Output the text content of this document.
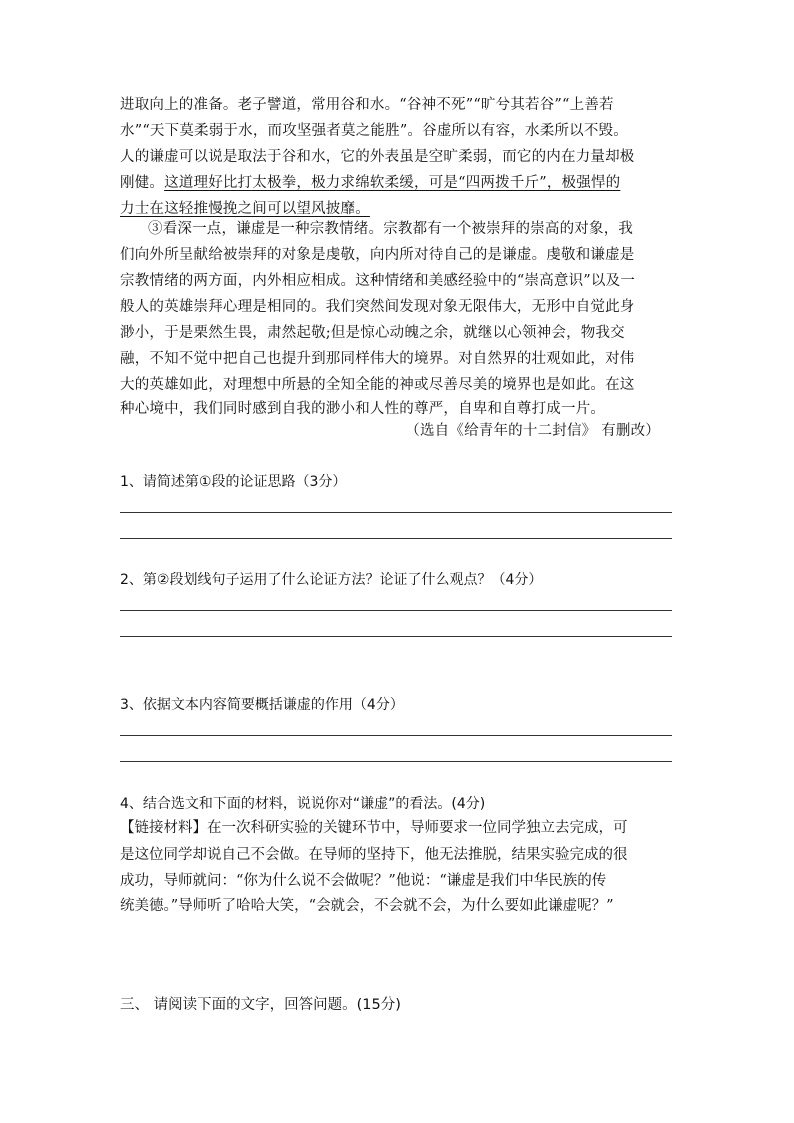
进取向上的准备。老子譬道，常用谷和水。“谷神不死”“旷兮其若谷”“上善若
水”“天下莫柔弱于水，而攻坚强者莫之能胜”。谷虚所以有容，水柔所以不毁。
人的谦虚可以说是取法于谷和水，它的外表虽是空旷柔弱，而它的内在力量却极
刚健。这道理好比打太极拳，极力求绵软柔缓，可是“四两拨千斤”，极强悍的
力士在这轻推慢挽之间可以望风披靡。
③看深一点，谦虚是一种宗教情绪。宗教都有一个被崇拜的崇高的对象，我
们向外所呈献给被崇拜的对象是虔敬，向内所对待自己的是谦虚。虔敬和谦虚是
宗教情绪的两方面，内外相应相成。这种情绪和美感经验中的“崇高意识”以及一
般人的英雄崇拜心理是相同的。我们突然间发现对象无限伟大，无形中自觉此身
渺小，于是栗然生畏，肃然起敬;但是惊心动魄之余，就继以心领神会，物我交
融，不知不觉中把自己也提升到那同样伟大的境界。对自然界的壮观如此，对伟
大的英雄如此，对理想中所悬的全知全能的神或尽善尽美的境界也是如此。在这
种心境中，我们同时感到自我的渺小和人性的尊严，自卑和自尊打成一片。
（选自《给青年的十二封信》 有删改）
1、请简述第①段的论证思路（3分）
2、第②段划线句子运用了什么论证方法？论证了什么观点？（4分）
3、依据文本内容简要概括谦虚的作用（4分）
4、结合选文和下面的材料，说说你对“谦虚”的看法。(4分)
【链接材料】在一次科研实验的关键环节中，导师要求一位同学独立去完成，可
是这位同学却说自己不会做。在导师的坚持下，他无法推脱，结果实验完成的很
成功，导师就问：“你为什么说不会做呢？”他说：“谦虚是我们中华民族的传
统美德。”导师听了哈哈大笑，“会就会，不会就不会，为什么要如此谦虚呢？”
三、 请阅读下面的文字，回答问题。(15分)
